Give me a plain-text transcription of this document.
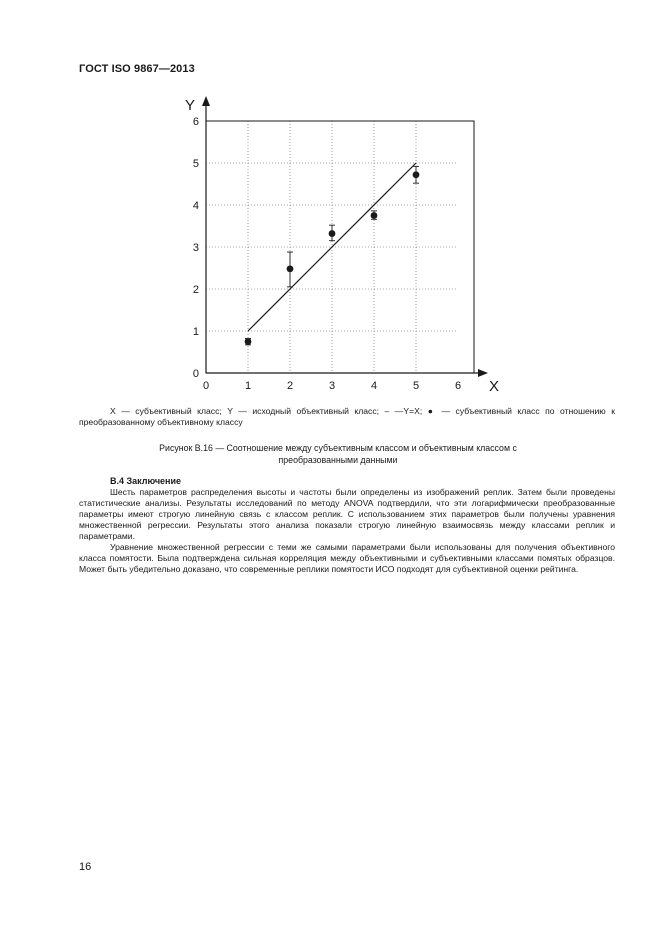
ГОСТ ISO 9867—2013
Y
X
0	1	2	3	4	5	6
0
1
2
3
4
5
6
X — субъективный класс; Y — исходный объективный класс; – —Y=X; ● — субъективный класс по отношению к преобразованному объективному классу
Рисунок В.16 — Соотношение между субъективным классом и объективным классом с преобразованными данными
В.4 Заключение

Шесть параметров распределения высоты и частоты были определены из изображений реплик. Затем были проведены статистические анализы. Результаты исследований по методу ANOVA подтвердили, что эти логарифмически преобразованные параметры имеют строгую линейную связь с классом реплик. С использованием этих параметров были получены уравнения множественной регрессии. Результаты этого анализа показали строгую линейную взаимосвязь между классами реплик и параметрами.

Уравнение множественной регрессии с теми же самыми параметрами были использованы для получения объективного класса помятости. Была подтверждена сильная корреляция между объективными и субъективными классами помятых образцов. Может быть убедительно доказано, что современные реплики помятости ИСО подходят для субъективной оценки рейтинга.

16
